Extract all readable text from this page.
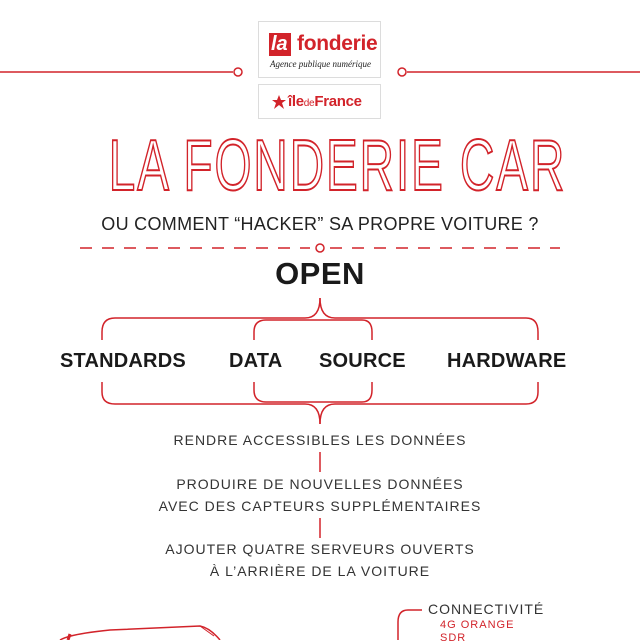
la fonderie
Agence publique numérique
îledeFrance
LA FONDERIE CAR
OU COMMENT “HACKER” SA PROPRE VOITURE ?
OPEN
STANDARDS DATA SOURCE HARDWARE
RENDRE ACCESSIBLES LES DONNÉES
PRODUIRE DE NOUVELLES DONNÉES
AVEC DES CAPTEURS SUPPLÉMENTAIRES
AJOUTER QUATRE SERVEURS OUVERTS
À L’ARRIÈRE DE LA VOITURE
CONNECTIVITÉ
4G ORANGE
SDR
